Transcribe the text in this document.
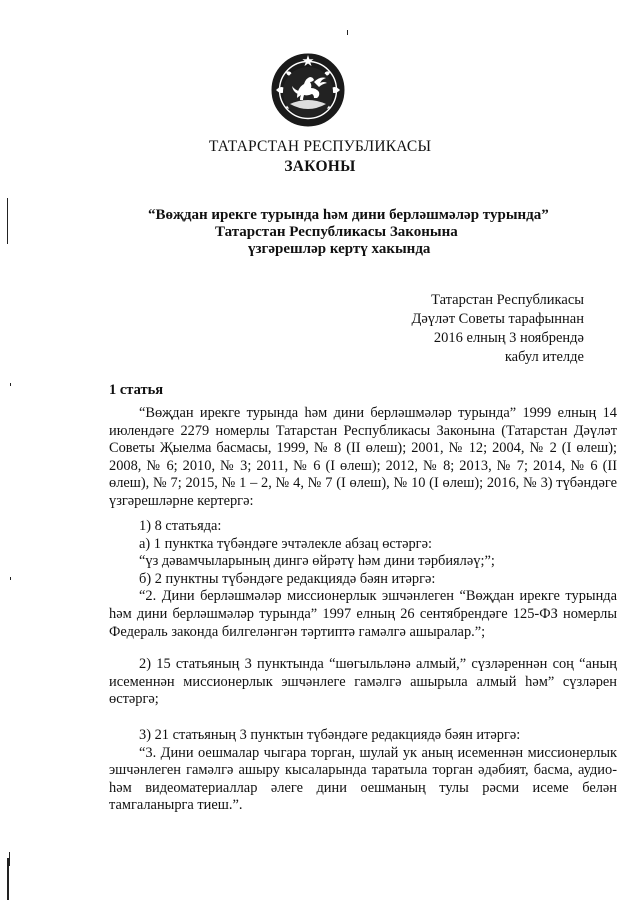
ТАТАРСТАН РЕСПУБЛИКАСЫ
ЗАКОНЫ
“Вөҗдан ирекге турында һәм дини берләшмәләр турында”
Татарстан Республикасы Законына
үзгәрешләр кертү хакында
Татарстан Республикасы
Дәүләт Советы тарафыннан
2016 елның 3 ноябрендә
кабул ителде
1 статья
“Вөҗдан ирекге турында һәм дини берләшмәләр турында” 1999 елның 14 июлендәге 2279 номерлы Татарстан Республикасы Законына (Татарстан Дәүләт Советы Җыелма басмасы, 1999, № 8 (II өлеш); 2001, № 12; 2004, № 2 (I өлеш); 2008, № 6; 2010, № 3; 2011, № 6 (I өлеш); 2012, № 8; 2013, № 7; 2014, № 6 (II өлеш), № 7; 2015, № 1 – 2, № 4, № 7 (I өлеш), № 10 (I өлеш); 2016, № 3) түбәндәге үзгәрешләрне кертергә:
1) 8 статьяда:
а) 1 пунктка түбәндәге эчтәлекле абзац өстәргә:
“үз дәвамчыларының дингә өйрәтү һәм дини тәрбияләү;”;
б) 2 пунктны түбәндәге редакциядә бәян итәргә:
“2. Дини берләшмәләр миссионерлык эшчәнлеген “Вөҗдан ирекге турында һәм дини берләшмәләр турында” 1997 елның 26 сентябрендәге 125-ФЗ номерлы Федераль законда билгеләнгән тәртиптә гамәлгә ашыралар.”;
2) 15 статьяның 3 пунктында “шөгыльләнә алмый,” сүзләреннән соң “аның исеменнән миссионерлык эшчәнлеге гамәлгә ашырыла алмый һәм” сүзләрен өстәргә;
3) 21 статьяның 3 пунктын түбәндәге редакциядә бәян итәргә:
“3. Дини оешмалар чыгара торган, шулай ук аның исеменнән миссионерлык эшчәнлеген гамәлгә ашыру кысаларында таратыла торган әдәбият, басма, аудио- һәм видеоматериаллар әлеге дини оешманың тулы рәсми исеме белән тамгаланырга тиеш.”.
